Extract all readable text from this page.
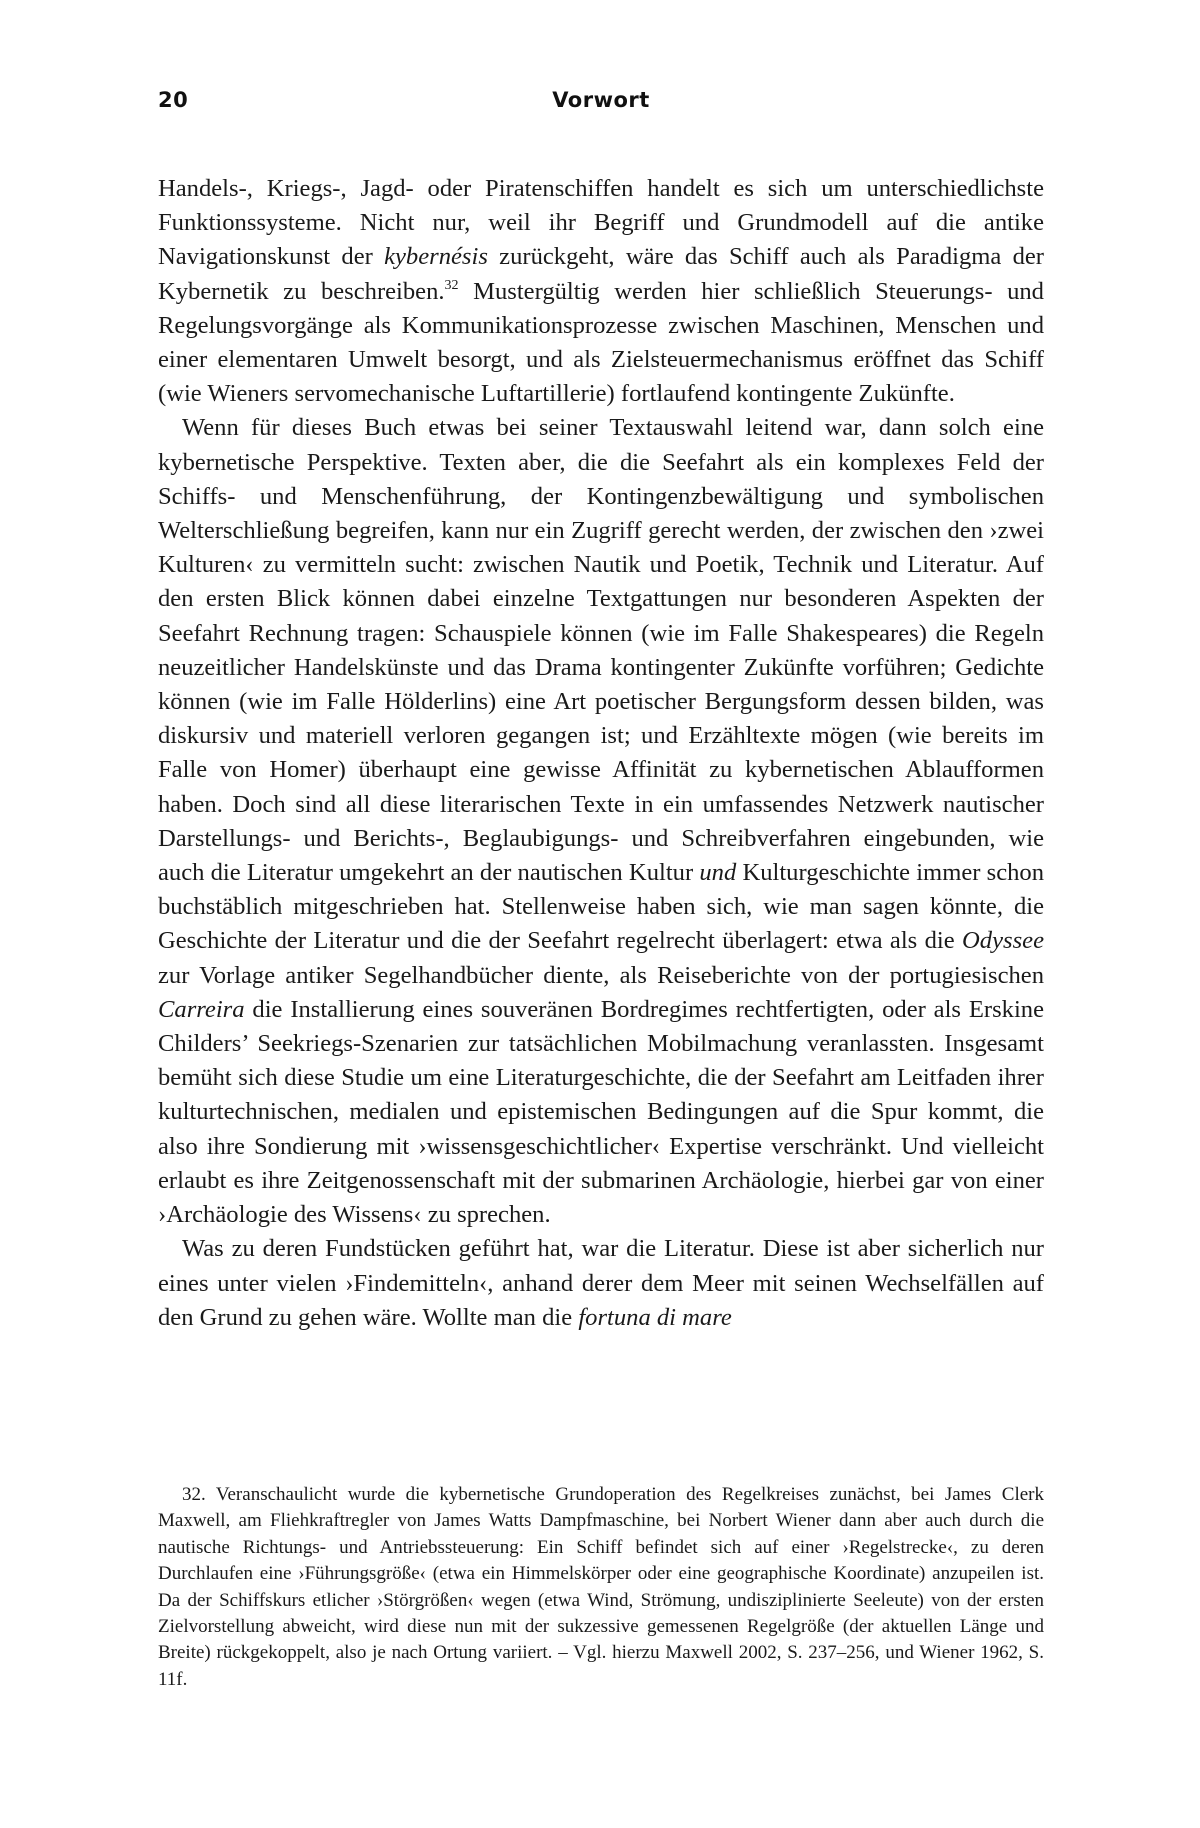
20	Vorwort

Handels-, Kriegs-, Jagd- oder Piratenschiffen handelt es sich um unterschiedlichste Funktionssysteme. Nicht nur, weil ihr Begriff und Grundmodell auf die antike Navigationskunst der kybernésis zurückgeht, wäre das Schiff auch als Paradigma der Kybernetik zu beschreiben.$^{32}$ Mustergültig werden hier schließlich Steuerungs- und Regelungsvorgänge als Kommunikationsprozesse zwischen Maschinen, Menschen und einer elementaren Umwelt besorgt, und als Zielsteuermechanismus eröffnet das Schiff (wie Wieners servomechanische Luftartillerie) fortlaufend kontingente Zukünfte.

Wenn für dieses Buch etwas bei seiner Textauswahl leitend war, dann solch eine kybernetische Perspektive. Texten aber, die die Seefahrt als ein komplexes Feld der Schiffs- und Menschenführung, der Kontingenzbewältigung und symbolischen Welterschließung begreifen, kann nur ein Zugriff gerecht werden, der zwischen den ›zwei Kulturen‹ zu vermitteln sucht: zwischen Nautik und Poetik, Technik und Literatur. Auf den ersten Blick können dabei einzelne Textgattungen nur besonderen Aspekten der Seefahrt Rechnung tragen: Schauspiele können (wie im Falle Shakespeares) die Regeln neuzeitlicher Handelskünste und das Drama kontingenter Zukünfte vorführen; Gedichte können (wie im Falle Hölderlins) eine Art poetischer Bergungsform dessen bilden, was diskursiv und materiell verloren gegangen ist; und Erzähltexte mögen (wie bereits im Falle von Homer) überhaupt eine gewisse Affinität zu kybernetischen Ablaufformen haben. Doch sind all diese literarischen Texte in ein umfassendes Netzwerk nautischer Darstellungs- und Berichts-, Beglaubigungs- und Schreibverfahren eingebunden, wie auch die Literatur umgekehrt an der nautischen Kultur und Kulturgeschichte immer schon buchstäblich mitgeschrieben hat. Stellenweise haben sich, wie man sagen könnte, die Geschichte der Literatur und die der Seefahrt regelrecht überlagert: etwa als die Odyssee zur Vorlage antiker Segelhandbücher diente, als Reiseberichte von der portugiesischen Carreira die Installierung eines souveränen Bordregimes rechtfertigten, oder als Erskine Childers’ Seekriegs-Szenarien zur tatsächlichen Mobilmachung veranlassten. Insgesamt bemüht sich diese Studie um eine Literaturgeschichte, die der Seefahrt am Leitfaden ihrer kulturtechnischen, medialen und epistemischen Bedingungen auf die Spur kommt, die also ihre Sondierung mit ›wissensgeschichtlicher‹ Expertise verschränkt. Und vielleicht erlaubt es ihre Zeitgenossenschaft mit der submarinen Archäologie, hierbei gar von einer ›Archäologie des Wissens‹ zu sprechen.

Was zu deren Fundstücken geführt hat, war die Literatur. Diese ist aber sicherlich nur eines unter vielen ›Findemitteln‹, anhand derer dem Meer mit seinen Wechselfällen auf den Grund zu gehen wäre. Wollte man die fortuna di mare

32. Veranschaulicht wurde die kybernetische Grundoperation des Regelkreises zunächst, bei James Clerk Maxwell, am Fliehkraftregler von James Watts Dampfmaschine, bei Norbert Wiener dann aber auch durch die nautische Richtungs- und Antriebssteuerung: Ein Schiff befindet sich auf einer ›Regelstrecke‹, zu deren Durchlaufen eine ›Führungsgröße‹ (etwa ein Himmelskörper oder eine geographische Koordinate) anzupeilen ist. Da der Schiffskurs etlicher ›Störgrößen‹ wegen (etwa Wind, Strömung, undisziplinierte Seeleute) von der ersten Zielvorstellung abweicht, wird diese nun mit der sukzessive gemessenen Regelgröße (der aktuellen Länge und Breite) rückgekoppelt, also je nach Ortung variiert. – Vgl. hierzu Maxwell 2002, S. 237–256, und Wiener 1962, S. 11f.
